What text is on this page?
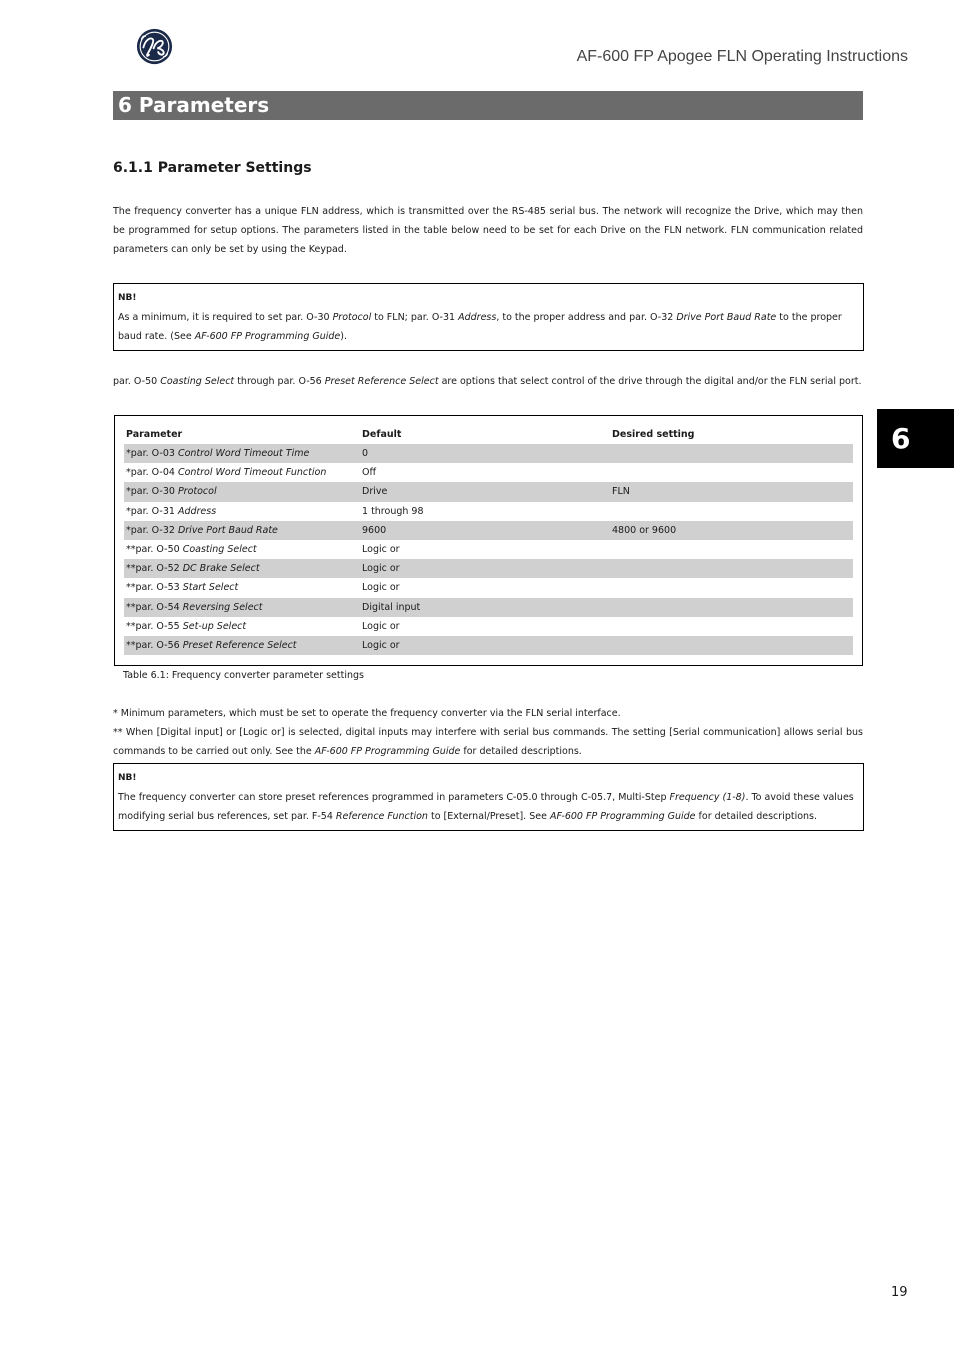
AF-600 FP Apogee FLN Operating Instructions
6 Parameters
6
6.1.1 Parameter Settings
The frequency converter has a unique FLN address, which is transmitted over the RS-485 serial bus. The network will recognize the Drive, which may then be programmed for setup options. The parameters listed in the table below need to be set for each Drive on the FLN network. FLN communication related parameters can only be set by using the Keypad.
NB!
As a minimum, it is required to set par. O-30 Protocol to FLN; par. O-31 Address, to the proper address and par. O-32 Drive Port Baud Rate to the proper baud rate. (See AF-600 FP Programming Guide).
par. O-50 Coasting Select through par. O-56 Preset Reference Select are options that select control of the drive through the digital and/or the FLN serial port.
Parameter	Default	Desired setting
*par. O-03 Control Word Timeout Time	0	
*par. O-04 Control Word Timeout Function	Off	
*par. O-30 Protocol	Drive	FLN
*par. O-31 Address	1 through 98	
*par. O-32 Drive Port Baud Rate	9600	4800 or 9600
**par. O-50 Coasting Select	Logic or	
**par. O-52 DC Brake Select	Logic or	
**par. O-53 Start Select	Logic or	
**par. O-54 Reversing Select	Digital input	
**par. O-55 Set-up Select	Logic or	
**par. O-56 Preset Reference Select	Logic or	
Table 6.1: Frequency converter parameter settings
* Minimum parameters, which must be set to operate the frequency converter via the FLN serial interface.
** When [Digital input] or [Logic or] is selected, digital inputs may interfere with serial bus commands. The setting [Serial communication] allows serial bus commands to be carried out only. See the AF-600 FP Programming Guide for detailed descriptions.
NB!
The frequency converter can store preset references programmed in parameters C-05.0 through C-05.7, Multi-Step Frequency (1-8). To avoid these values modifying serial bus references, set par. F-54 Reference Function to [External/Preset]. See AF-600 FP Programming Guide for detailed descriptions.
19
